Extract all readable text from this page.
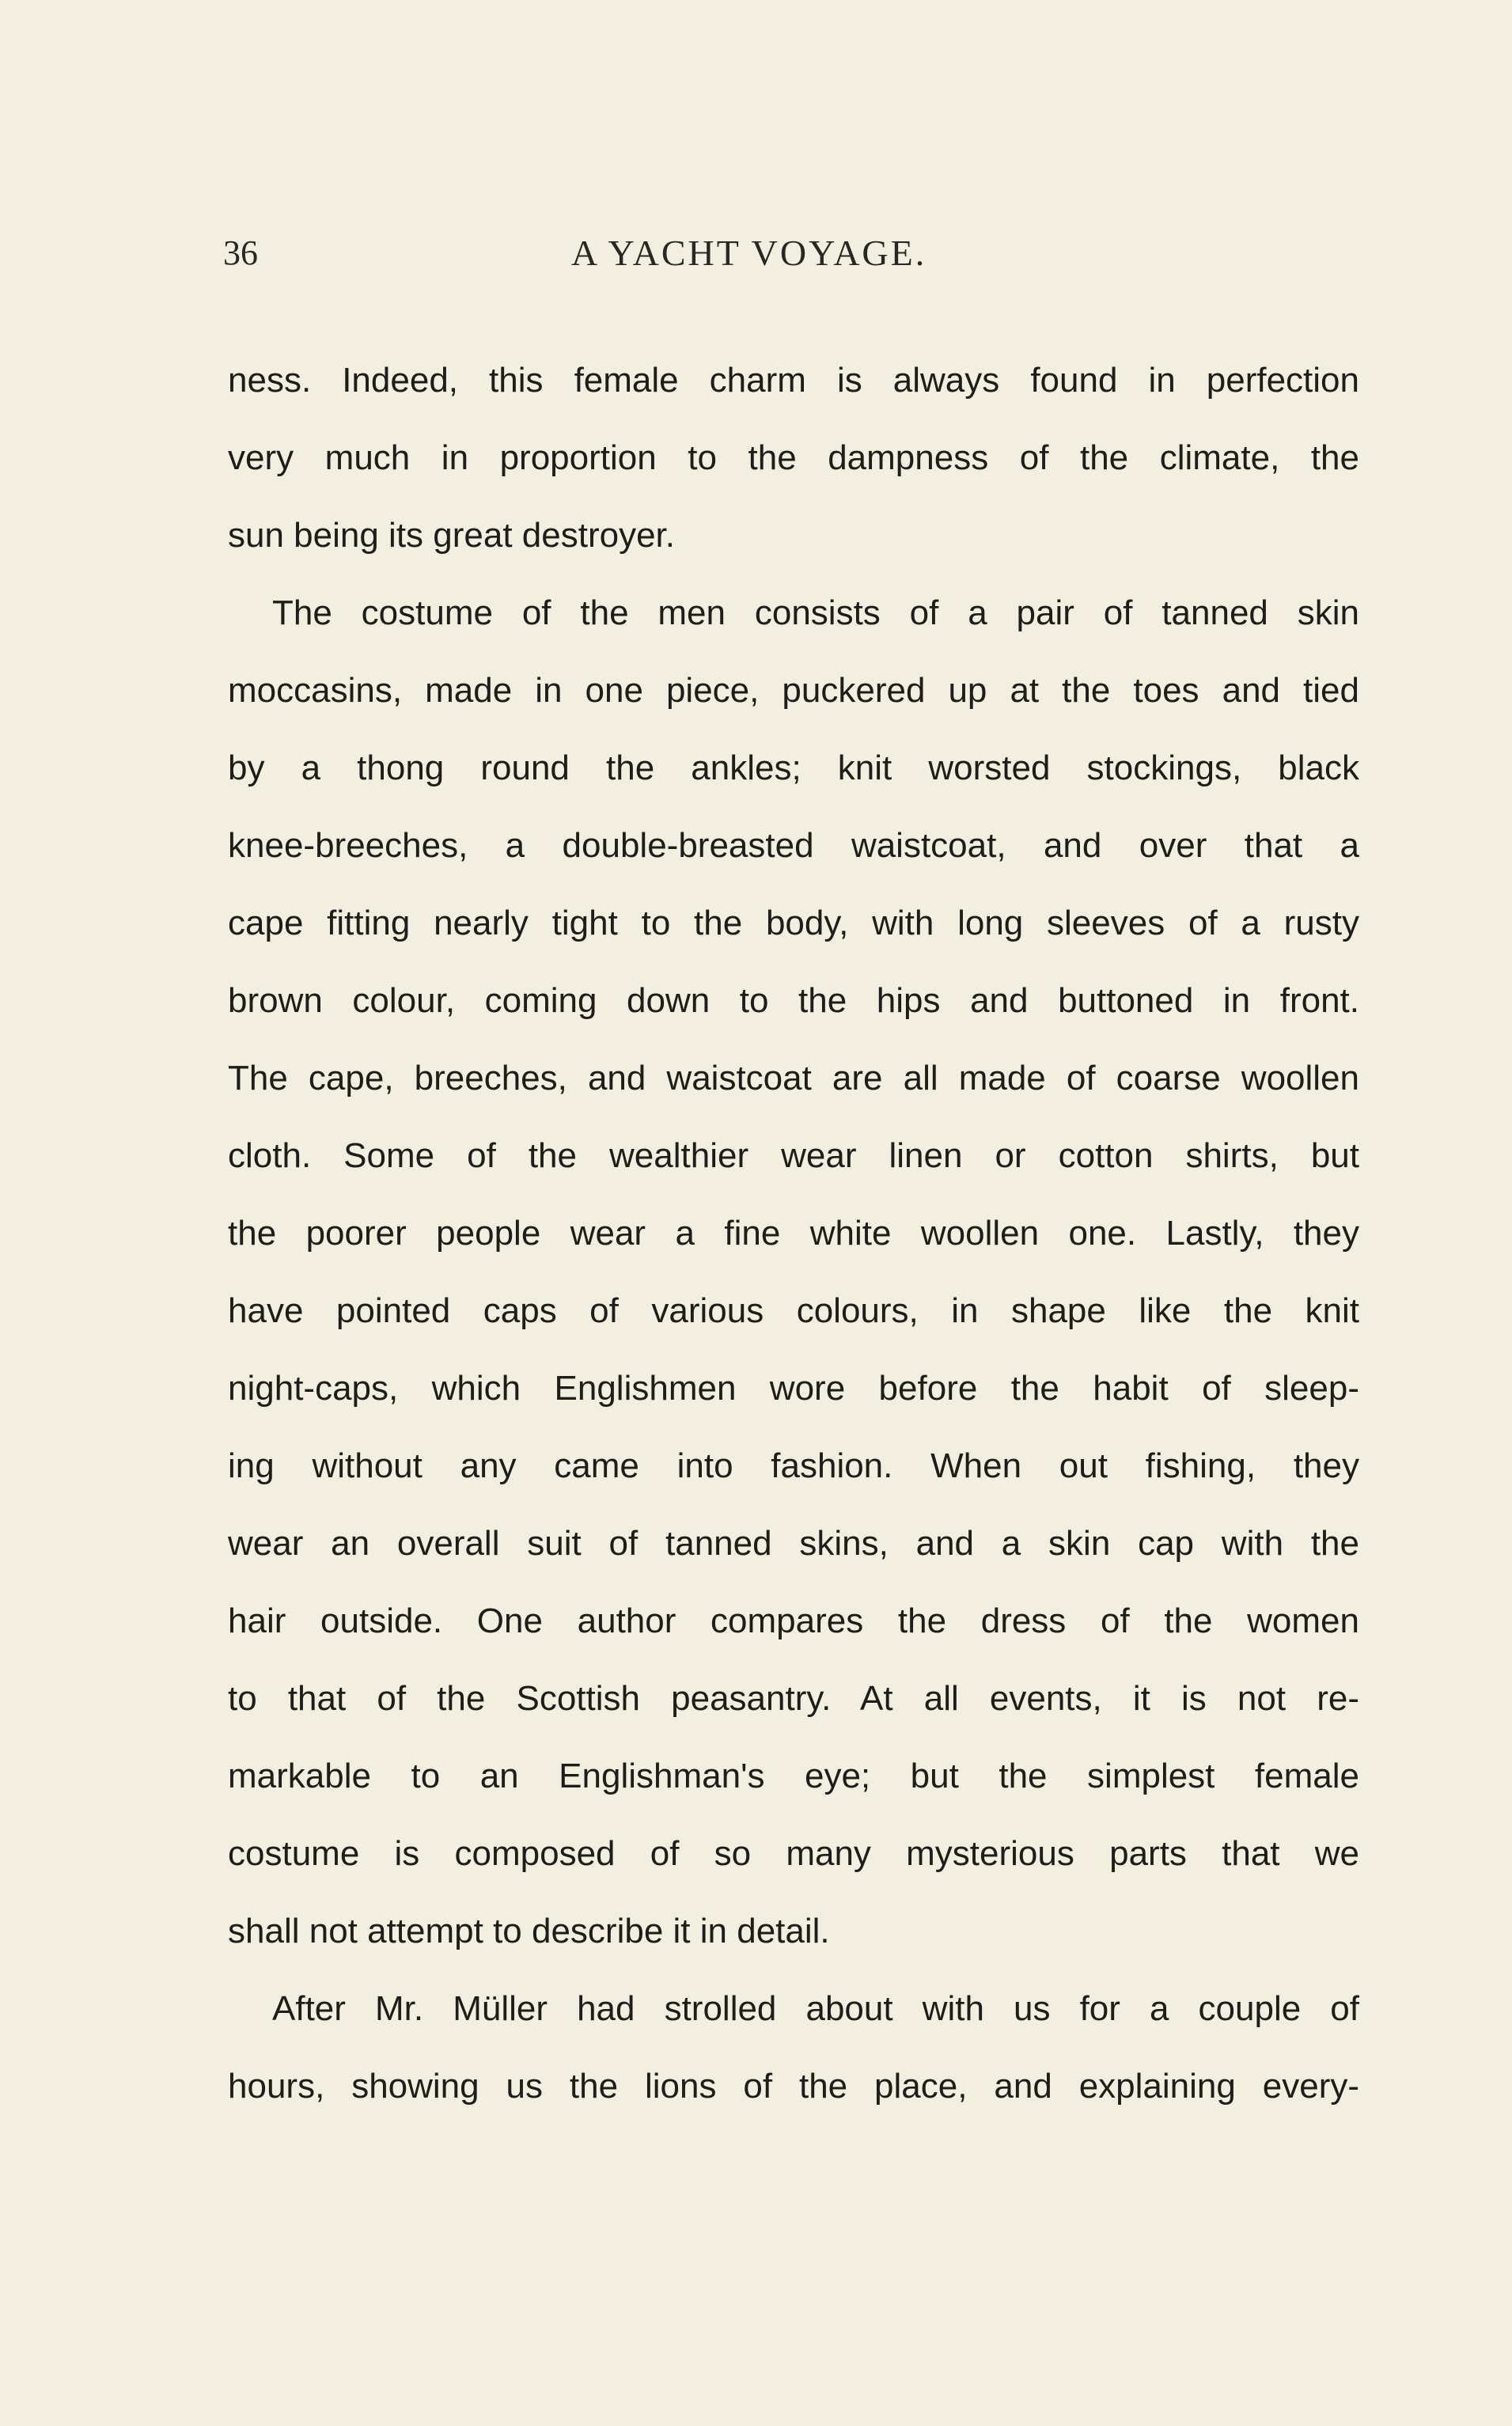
36	A YACHT VOYAGE.
ness. Indeed, this female charm is always found in perfection
very much in proportion to the dampness of the climate, the
sun being its great destroyer.
The costume of the men consists of a pair of tanned skin
moccasins, made in one piece, puckered up at the toes and tied
by a thong round the ankles; knit worsted stockings, black
knee-breeches, a double-breasted waistcoat, and over that a
cape fitting nearly tight to the body, with long sleeves of a rusty
brown colour, coming down to the hips and buttoned in front.
The cape, breeches, and waistcoat are all made of coarse woollen
cloth. Some of the wealthier wear linen or cotton shirts, but
the poorer people wear a fine white woollen one. Lastly, they
have pointed caps of various colours, in shape like the knit
night-caps, which Englishmen wore before the habit of sleep-
ing without any came into fashion. When out fishing, they
wear an overall suit of tanned skins, and a skin cap with the
hair outside. One author compares the dress of the women
to that of the Scottish peasantry. At all events, it is not re-
markable to an Englishman's eye; but the simplest female
costume is composed of so many mysterious parts that we
shall not attempt to describe it in detail.
After Mr. Müller had strolled about with us for a couple of
hours, showing us the lions of the place, and explaining every-
